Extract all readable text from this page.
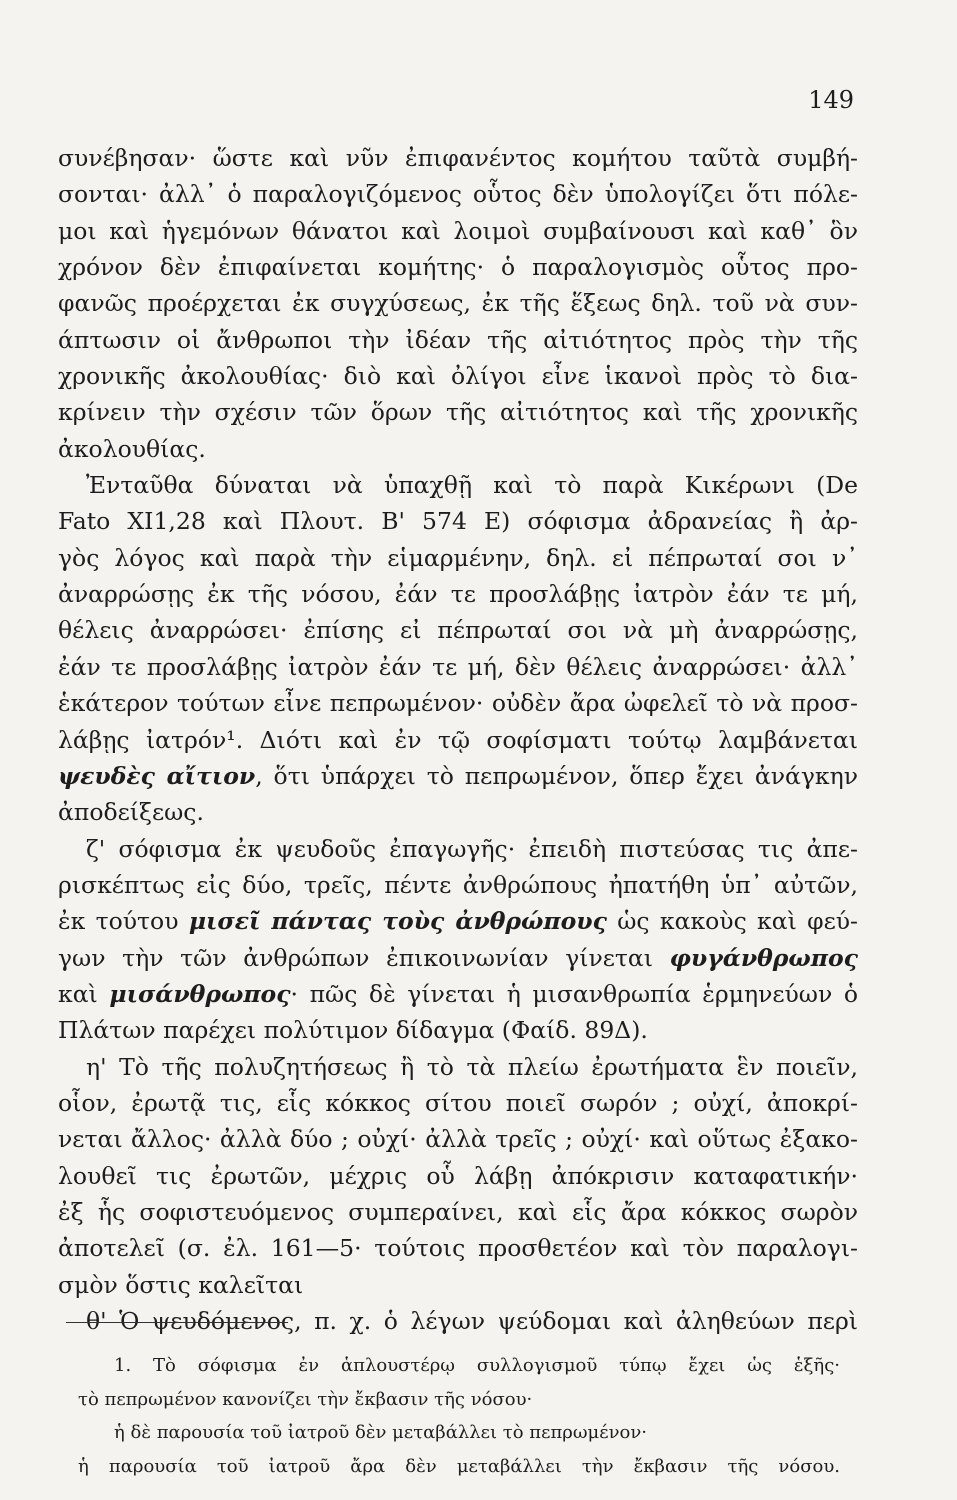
149
συνέβησαν· ὥστε καὶ νῦν ἐπιφανέντος κομήτου ταῦτὰ συμβή-
σονται· ἀλλ᾽ ὁ παραλογιζόμενος οὗτος δὲν ὑπολογίζει ὅτι πόλε-
μοι καὶ ἡγεμόνων θάνατοι καὶ λοιμοὶ συμβαίνουσι καὶ καθ᾽ ὃν
χρόνον δὲν ἐπιφαίνεται κομήτης· ὁ παραλογισμὸς οὗτος προ-
φανῶς προέρχεται ἐκ συγχύσεως, ἐκ τῆς ἕξεως δηλ. τοῦ νὰ συν-
άπτωσιν οἱ ἄνθρωποι τὴν ἰδέαν τῆς αἰτιότητος πρὸς τὴν τῆς
χρονικῆς ἀκολουθίας· διὸ καὶ ὀλίγοι εἶνε ἱκανοὶ πρὸς τὸ δια-
κρίνειν τὴν σχέσιν τῶν ὅρων τῆς αἰτιότητος καὶ τῆς χρονικῆς
ἀκολουθίας.
Ἐνταῦθα δύναται νὰ ὑπαχθῇ καὶ τὸ παρὰ Κικέρωνι (De
Fato XI1,28 καὶ Πλουτ. Β' 574 Ε) σόφισμα ἀδρανείας ἢ ἀρ-
γὸς λόγος καὶ παρὰ τὴν εἱμαρμένην, δηλ. εἰ πέπρωταί σοι ν᾽
ἀναρρώσῃς ἐκ τῆς νόσου, ἐάν τε προσλάβῃς ἰατρὸν ἐάν τε μή,
θέλεις ἀναρρώσει· ἐπίσης εἰ πέπρωταί σοι νὰ μὴ ἀναρρώσῃς,
ἐάν τε προσλάβῃς ἰατρὸν ἐάν τε μή, δὲν θέλεις ἀναρρώσει· ἀλλ᾽
ἑκάτερον τούτων εἶνε πεπρωμένον· οὐδὲν ἄρα ὠφελεῖ τὸ νὰ προσ-
λάβῃς ἰατρόν¹. Διότι καὶ ἐν τῷ σοφίσματι τούτῳ λαμβάνεται
ψευδὲς αἴτιον, ὅτι ὑπάρχει τὸ πεπρωμένον, ὅπερ ἔχει ἀνάγκην
ἀποδείξεως.
ζ' σόφισμα ἐκ ψευδοῦς ἐπαγωγῆς· ἐπειδὴ πιστεύσας τις ἀπε-
ρισκέπτως εἰς δύο, τρεῖς, πέντε ἀνθρώπους ἠπατήθη ὑπ᾽ αὐτῶν,
ἐκ τούτου μισεῖ πάντας τοὺς ἀνθρώπους ὡς κακοὺς καὶ φεύ-
γων τὴν τῶν ἀνθρώπων ἐπικοινωνίαν γίνεται φυγάνθρωπος
καὶ μισάνθρωπος· πῶς δὲ γίνεται ἡ μισανθρωπία ἑρμηνεύων ὁ
Πλάτων παρέχει πολύτιμον δίδαγμα (Φαίδ. 89Δ).
η' Τὸ τῆς πολυζητήσεως ἢ τὸ τὰ πλείω ἐρωτήματα ἓν ποιεῖν,
οἷον, ἐρωτᾷ τις, εἷς κόκκος σίτου ποιεῖ σωρόν ; οὐχί, ἀποκρί-
νεται ἄλλος· ἀλλὰ δύο ; οὐχί· ἀλλὰ τρεῖς ; οὐχί· καὶ οὕτως ἐξακο-
λουθεῖ τις ἐρωτῶν, μέχρις οὗ λάβῃ ἀπόκρισιν καταφατικήν·
ἐξ ἧς σοφιστευόμενος συμπεραίνει, καὶ εἷς ἄρα κόκκος σωρὸν
ἀποτελεῖ (σ. ἐλ. 161—5· τούτοις προσθετέον καὶ τὸν παραλογι-
σμὸν ὅστις καλεῖται
θ' Ὁ ψευδόμενος, π. χ. ὁ λέγων ψεύδομαι καὶ ἀληθεύων περὶ
1. Τὸ σόφισμα ἐν ἁπλουστέρῳ συλλογισμοῦ τύπῳ ἔχει ὡς ἑξῆς·
τὸ πεπρωμένον κανονίζει τὴν ἔκβασιν τῆς νόσου·
ἡ δὲ παρουσία τοῦ ἰατροῦ δὲν μεταβάλλει τὸ πεπρωμένον·
ἡ παρουσία τοῦ ἰατροῦ ἄρα δὲν μεταβάλλει τὴν ἔκβασιν τῆς νόσου.
